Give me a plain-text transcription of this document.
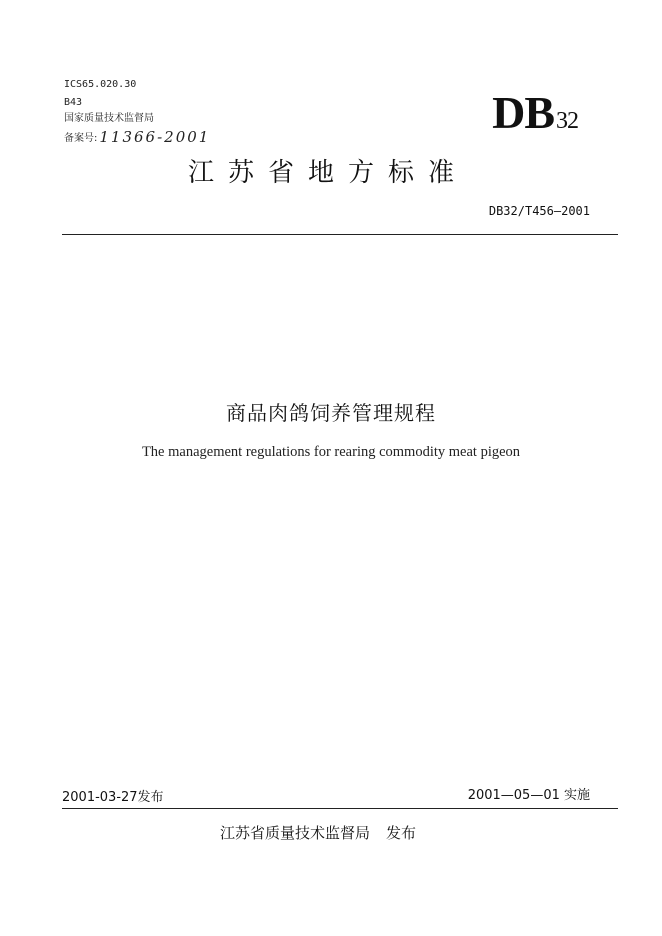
ICS65.020.30
B43
国家质量技术监督局
备案号: 11366-2001	DB32
江苏省地方标准
DB32/T456—2001
商品肉鸽饲养管理规程
The management regulations for rearing commodity meat pigeon
2001-03-27发布	2001—05—01 实施
江苏省质量技术监督局 发布
